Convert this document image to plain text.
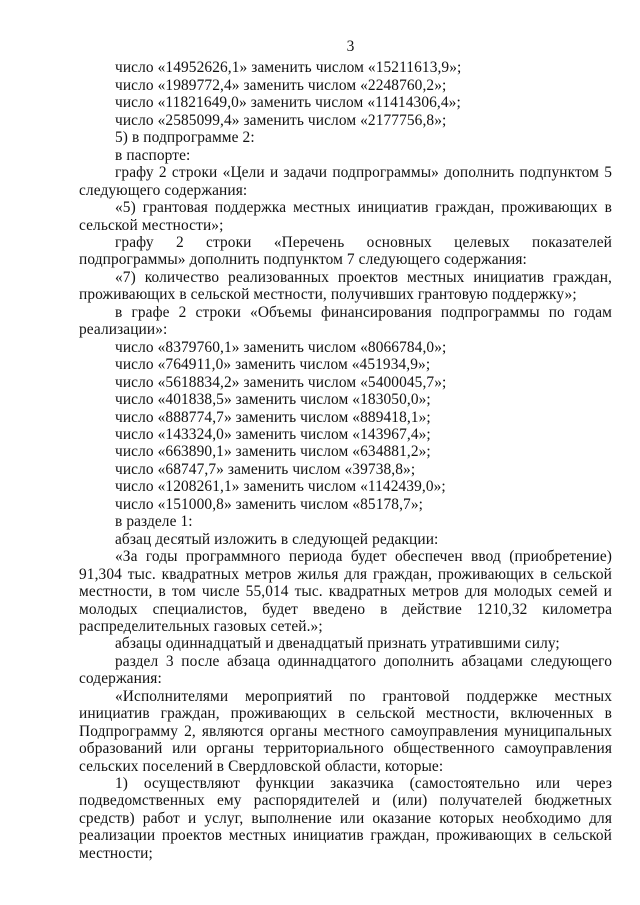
3

число «14952626,1» заменить числом «15211613,9»;

число «1989772,4» заменить числом «2248760,2»;

число «11821649,0» заменить числом «11414306,4»;

число «2585099,4» заменить числом «2177756,8»;

5) в подпрограмме 2:

в паспорте:

графу 2 строки «Цели и задачи подпрограммы» дополнить подпунктом 5 следующего содержания:

«5) грантовая поддержка местных инициатив граждан, проживающих в сельской местности»;

графу 2 строки «Перечень основных целевых показателей подпрограммы» дополнить подпунктом 7 следующего содержания:

«7) количество реализованных проектов местных инициатив граждан, проживающих в сельской местности, получивших грантовую поддержку»;

в графе 2 строки «Объемы финансирования подпрограммы по годам реализации»:

число «8379760,1» заменить числом «8066784,0»;

число «764911,0» заменить числом «451934,9»;

число «5618834,2» заменить числом «5400045,7»;

число «401838,5» заменить числом «183050,0»;

число «888774,7» заменить числом «889418,1»;

число «143324,0» заменить числом «143967,4»;

число «663890,1» заменить числом «634881,2»;

число «68747,7» заменить числом «39738,8»;

число «1208261,1» заменить числом «1142439,0»;

число «151000,8» заменить числом «85178,7»;

в разделе 1:

абзац десятый изложить в следующей редакции:

«За годы программного периода будет обеспечен ввод (приобретение) 91,304 тыс. квадратных метров жилья для граждан, проживающих в сельской местности, в том числе 55,014 тыс. квадратных метров для молодых семей и молодых специалистов, будет введено в действие 1210,32 километра распределительных газовых сетей.»;

абзацы одиннадцатый и двенадцатый признать утратившими силу;

раздел 3 после абзаца одиннадцатого дополнить абзацами следующего содержания:

«Исполнителями мероприятий по грантовой поддержке местных инициатив граждан, проживающих в сельской местности, включенных в Подпрограмму 2, являются органы местного самоуправления муниципальных образований или органы территориального общественного самоуправления сельских поселений в Свердловской области, которые:

1) осуществляют функции заказчика (самостоятельно или через подведомственных ему распорядителей и (или) получателей бюджетных средств) работ и услуг, выполнение или оказание которых необходимо для реализации проектов местных инициатив граждан, проживающих в сельской местности;
